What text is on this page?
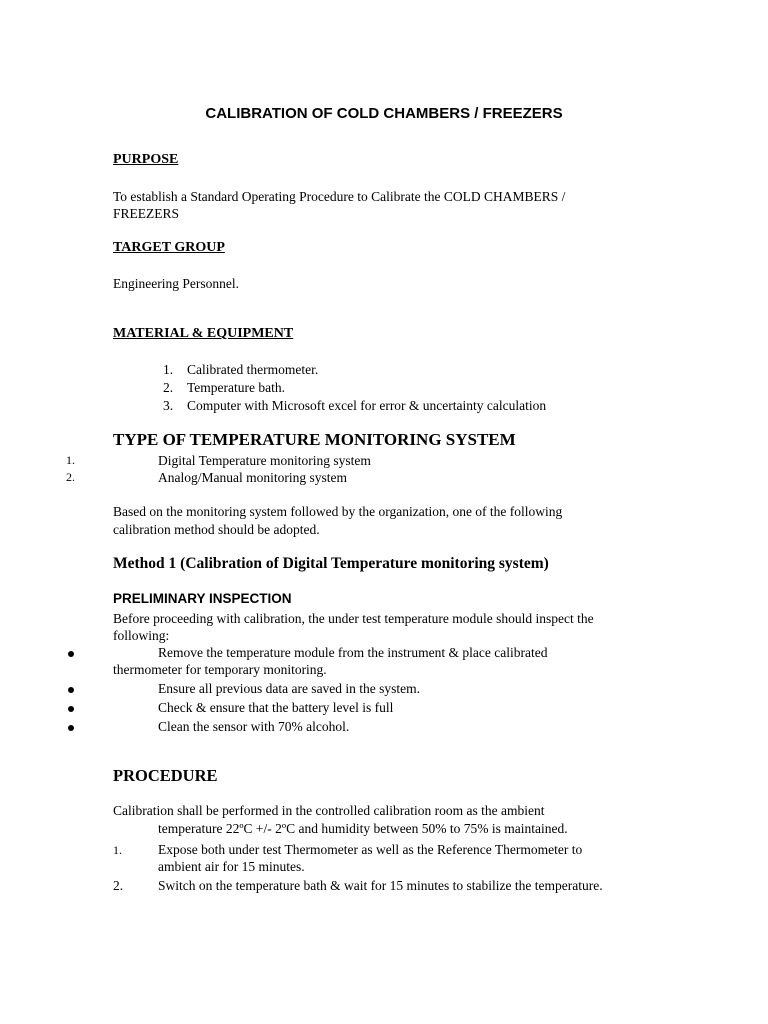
CALIBRATION OF COLD CHAMBERS / FREEZERS
PURPOSE
To establish a Standard Operating Procedure to Calibrate the COLD CHAMBERS /
FREEZERS
TARGET GROUP
Engineering Personnel.
MATERIAL & EQUIPMENT
1. Calibrated thermometer.
2. Temperature bath.
3. Computer with Microsoft excel for error & uncertainty calculation
TYPE OF TEMPERATURE MONITORING SYSTEM
1.	Digital Temperature monitoring system
2.	Analog/Manual monitoring system
Based on the monitoring system followed by the organization, one of the following
calibration method should be adopted.
Method 1 (Calibration of Digital Temperature monitoring system)
PRELIMINARY INSPECTION
Before proceeding with calibration, the under test temperature module should inspect the
following:
Remove the temperature module from the instrument & place calibrated
thermometer for temporary monitoring.
Ensure all previous data are saved in the system.
Check & ensure that the battery level is full
Clean the sensor with 70% alcohol.
PROCEDURE
Calibration shall be performed in the controlled calibration room as the ambient
temperature 22ºC +/- 2ºC and humidity between 50% to 75% is maintained.
1.	Expose both under test Thermometer as well as the Reference Thermometer to
ambient air for 15 minutes.
2.	Switch on the temperature bath & wait for 15 minutes to stabilize the temperature.
